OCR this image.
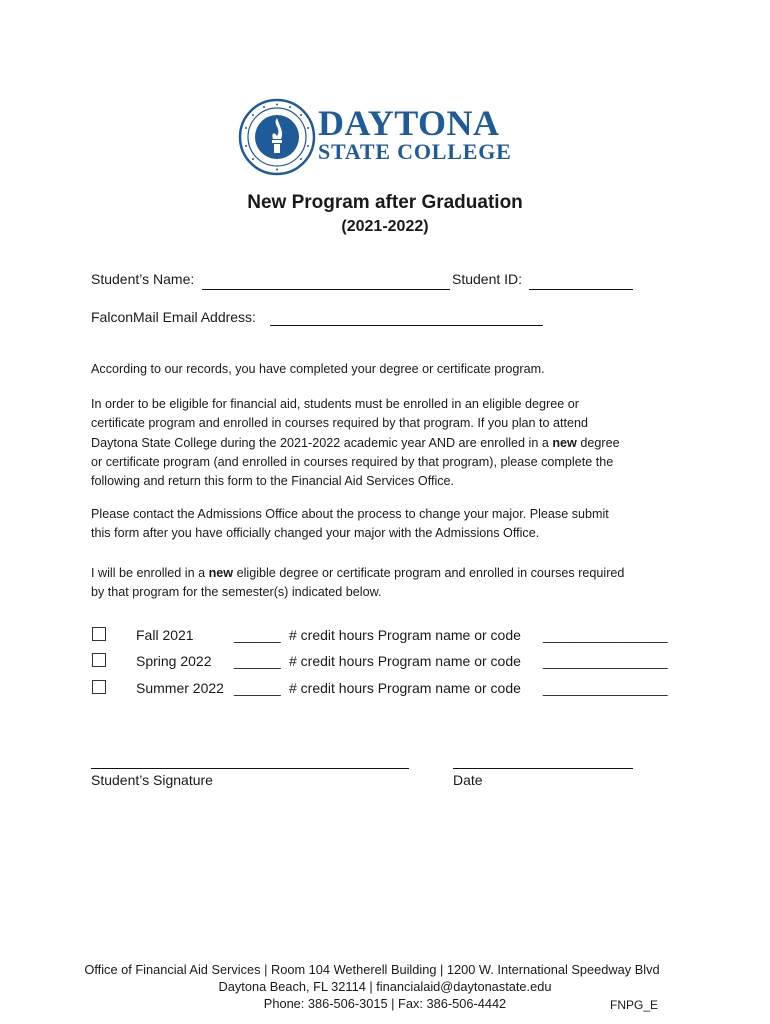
DAYTONA
STATE COLLEGE
New Program after Graduation
(2021-2022)
Student’s Name:	Student ID:
FalconMail Email Address:
According to our records, you have completed your degree or certificate program.
In order to be eligible for financial aid, students must be enrolled in an eligible degree or
certificate program and enrolled in courses required by that program. If you plan to attend
Daytona State College during the 2021-2022 academic year AND are enrolled in a new degree
or certificate program (and enrolled in courses required by that program), please complete the
following and return this form to the Financial Aid Services Office.
Please contact the Admissions Office about the process to change your major. Please submit
this form after you have officially changed your major with the Admissions Office.
I will be enrolled in a new eligible degree or certificate program and enrolled in courses required
by that program for the semester(s) indicated below.
Fall 2021	______ # credit hours Program name or code ________________
Spring 2022 ______ # credit hours Program name or code ________________
Summer 2022 ______ # credit hours Program name or code ________________
Student’s Signature	Date
Office of Financial Aid Services | Room 104 Wetherell Building | 1200 W. International Speedway Blvd
Daytona Beach, FL 32114 | financialaid@daytonastate.edu
Phone: 386-506-3015 | Fax: 386-506-4442	FNPG_E
